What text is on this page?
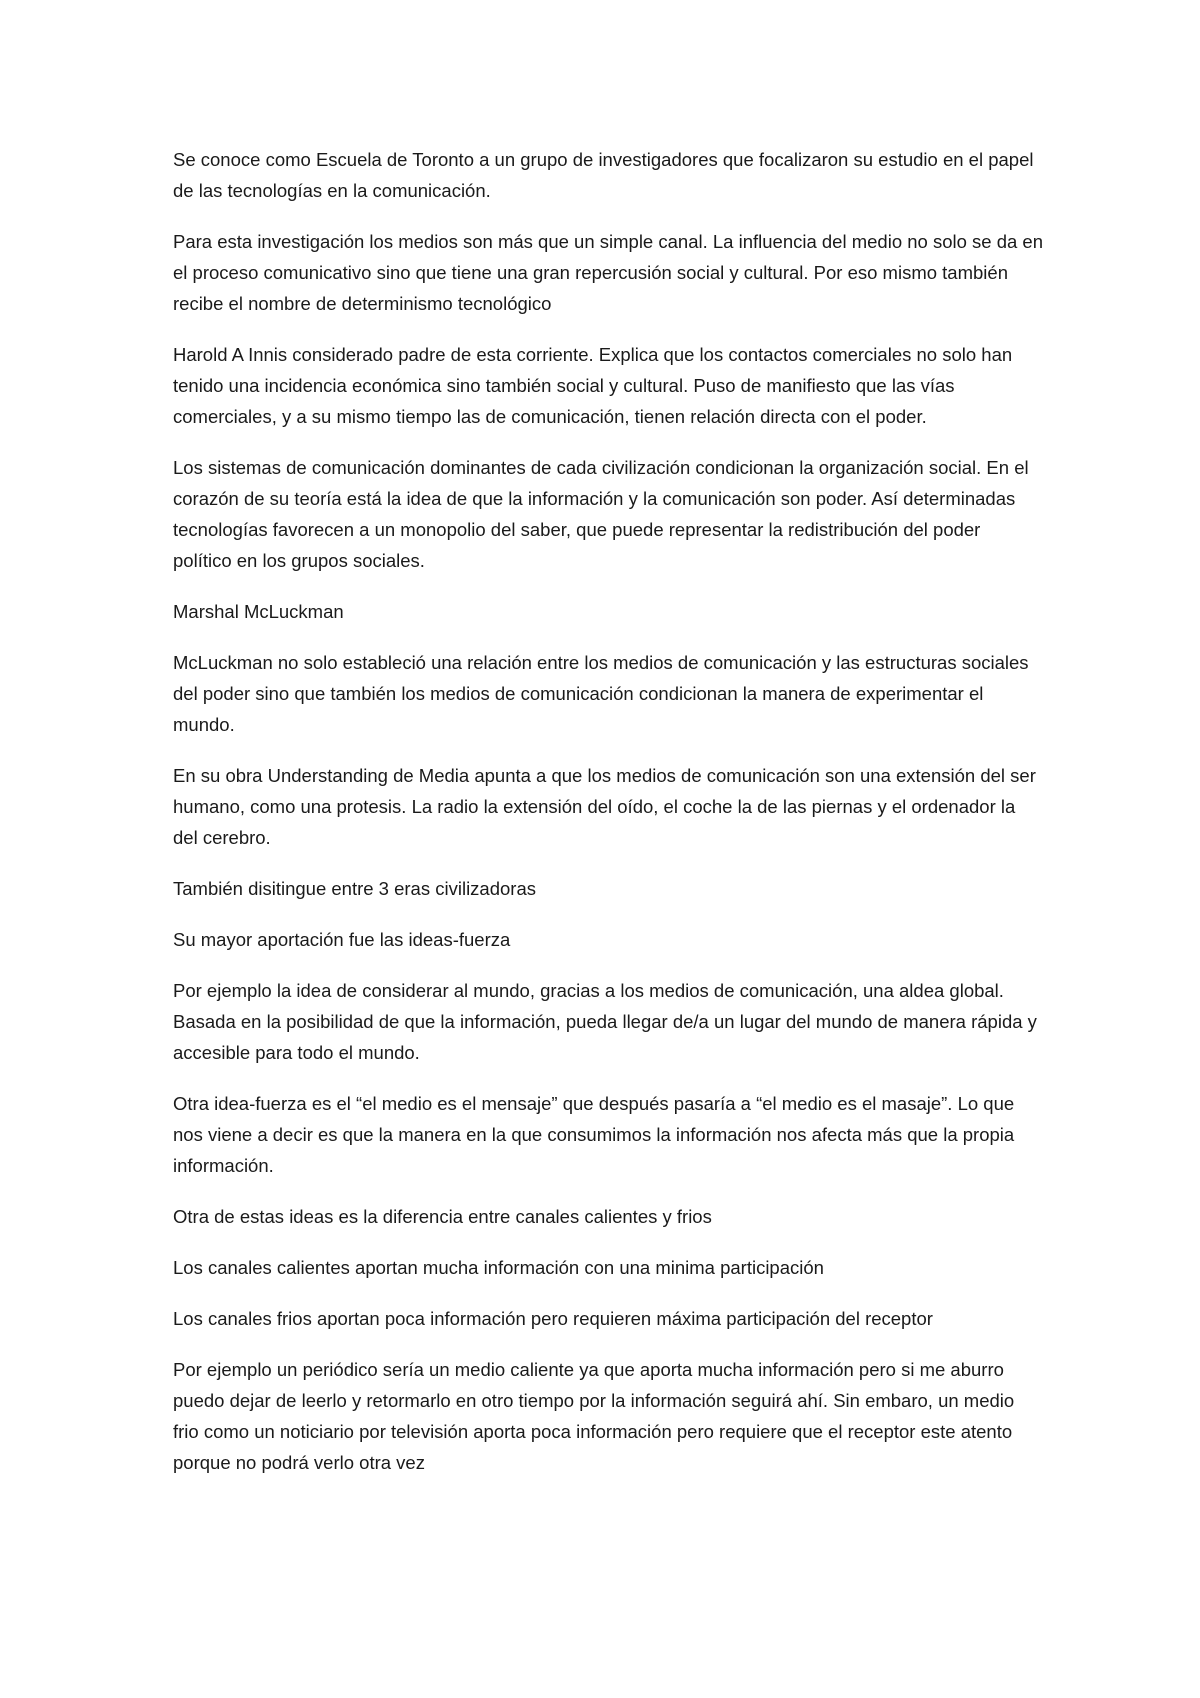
Se conoce como Escuela de Toronto a un grupo de investigadores que focalizaron su estudio en el papel de las tecnologías en la comunicación.

Para esta investigación los medios son más que un simple canal. La influencia del medio no solo se da en el proceso comunicativo sino que tiene una gran repercusión social y cultural. Por eso mismo también recibe el nombre de determinismo tecnológico

Harold A Innis considerado padre de esta corriente. Explica que los contactos comerciales no solo han tenido una incidencia económica sino también social y cultural. Puso de manifiesto que las vías comerciales, y a su mismo tiempo las de comunicación, tienen relación directa con el poder.

Los sistemas de comunicación dominantes de cada civilización condicionan la organización social. En el corazón de su teoría está la idea de que la información y la comunicación son poder. Así determinadas tecnologías favorecen a un monopolio del saber, que puede representar la redistribución del poder político en los grupos sociales.

Marshal McLuckman

McLuckman no solo estableció una relación entre los medios de comunicación y las estructuras sociales del poder sino que también los medios de comunicación condicionan la manera de experimentar el mundo.

En su obra Understanding de Media apunta a que los medios de comunicación son una extensión del ser humano, como una protesis. La radio la extensión del oído, el coche la de las piernas y el ordenador la del cerebro.

También disitingue entre 3 eras civilizadoras

Su mayor aportación fue las ideas-fuerza

Por ejemplo la idea de considerar al mundo, gracias a los medios de comunicación, una aldea global. Basada en la posibilidad de que la información, pueda llegar de/a un lugar del mundo de manera rápida y accesible para todo el mundo.

Otra idea-fuerza es el “el medio es el mensaje” que después pasaría a “el medio es el masaje”. Lo que nos viene a decir es que la manera en la que consumimos la información nos afecta más que la propia información.

Otra de estas ideas es la diferencia entre canales calientes y frios

Los canales calientes aportan mucha información con una minima participación

Los canales frios aportan poca información pero requieren máxima participación del receptor

Por ejemplo un periódico sería un medio caliente ya que aporta mucha información pero si me aburro puedo dejar de leerlo y retormarlo en otro tiempo por la información seguirá ahí. Sin embaro, un medio frio como un noticiario por televisión aporta poca información pero requiere que el receptor este atento porque no podrá verlo otra vez
